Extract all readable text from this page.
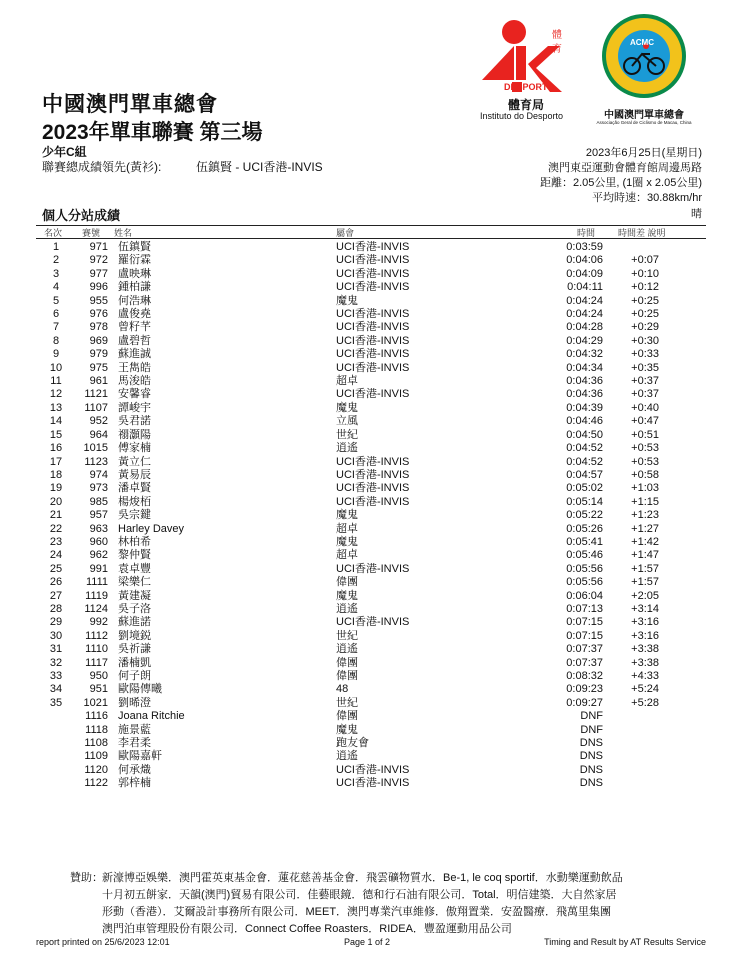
體
育
DESPORTO
體育局
Instituto do Desporto
ACMC
中國澳門單車總會
Associação Geral de Ciclismo de Macau, China
中國澳門單車總會
2023年單車聯賽 第三場
少年C組
聯賽總成績領先(黃衫):	伍鎮賢 - UCI香港-INVIS
2023年6月25日(星期日)
澳門東亞運動會體育館周邊馬路
距離：2.05公里, (1圈 x 2.05公里)
平均時速：30.88km/hr
晴
個人分站成績
名次 賽號 姓名	屬會	時間	時間差 說明
1	971	伍鎮賢	UCI香港-INVIS	0:03:59	
2	972	羅衍霖	UCI香港-INVIS	0:04:06	+0:07
3	977	盧映琳	UCI香港-INVIS	0:04:09	+0:10
4	996	鍾柏謙	UCI香港-INVIS	0:04:11	+0:12
5	955	何浩琳	魔鬼	0:04:24	+0:25
6	976	盧俊堯	UCI香港-INVIS	0:04:24	+0:25
7	978	曾籽芊	UCI香港-INVIS	0:04:28	+0:29
8	969	盧碧哲	UCI香港-INVIS	0:04:29	+0:30
9	979	蘇進誠	UCI香港-INVIS	0:04:32	+0:33
10	975	王雋皓	UCI香港-INVIS	0:04:34	+0:35
11	961	馬浚皓	超卓	0:04:36	+0:37
12	1121	安馨睿	UCI香港-INVIS	0:04:36	+0:37
13	1107	譚峻宇	魔鬼	0:04:39	+0:40
14	952	吳君諾	立風	0:04:46	+0:47
15	964	禤灝陽	世紀	0:04:50	+0:51
16	1015	傅家楠	逍遙	0:04:52	+0:53
17	1123	黃立仁	UCI香港-INVIS	0:04:52	+0:53
18	974	黃易辰	UCI香港-INVIS	0:04:57	+0:58
19	973	潘卓賢	UCI香港-INVIS	0:05:02	+1:03
20	985	楊焌栢	UCI香港-INVIS	0:05:14	+1:15
21	957	吳宗鍵	魔鬼	0:05:22	+1:23
22	963	Harley Davey	超卓	0:05:26	+1:27
23	960	林柏希	魔鬼	0:05:41	+1:42
24	962	黎仲賢	超卓	0:05:46	+1:47
25	991	袁卓豐	UCI香港-INVIS	0:05:56	+1:57
26	1111	梁樂仁	偉團	0:05:56	+1:57
27	1119	黃建凝	魔鬼	0:06:04	+2:05
28	1124	吳子洛	逍遙	0:07:13	+3:14
29	992	蘇進諾	UCI香港-INVIS	0:07:15	+3:16
30	1112	劉境鋭	世紀	0:07:15	+3:16
31	1110	吳祈謙	逍遙	0:07:37	+3:38
32	1117	潘楠凱	偉團	0:07:37	+3:38
33	950	何子朗	偉團	0:08:32	+4:33
34	951	歐陽傳曦	48	0:09:23	+5:24
35	1021	劉晞澄	世紀	0:09:27	+5:28
	1116	Joana Ritchie	偉團	DNF	
	1118	施景藍	魔鬼	DNF	
	1108	李君柔	跑友會	DNS	
	1109	歐陽嘉軒	逍遙	DNS	
	1120	何承熾	UCI香港-INVIS	DNS	
	1122	郭梓楠	UCI香港-INVIS	DNS	
贊助： 新濠博亞娛樂．澳門霍英東基金會．蓮花慈善基金會．飛雲礦物質水．Be-1, le coq sportif．水動樂運動飲品
十月初五餅家．天韻(澳門)貿易有限公司．佳藝眼鏡．德和行石油有限公司．Total．明信建築．大自然家居
形動（香港）．艾爾設計事務所有限公司．MEET．澳門專業汽車維修．傲翔置業．安盈醫療．飛萬里集團
澳門泊車管理股份有限公司．Connect Coffee Roasters．RIDEA．豐盈運動用品公司
report printed on 25/6/2023 12:01	Page 1 of 2	Timing and Result by AT Results Service
